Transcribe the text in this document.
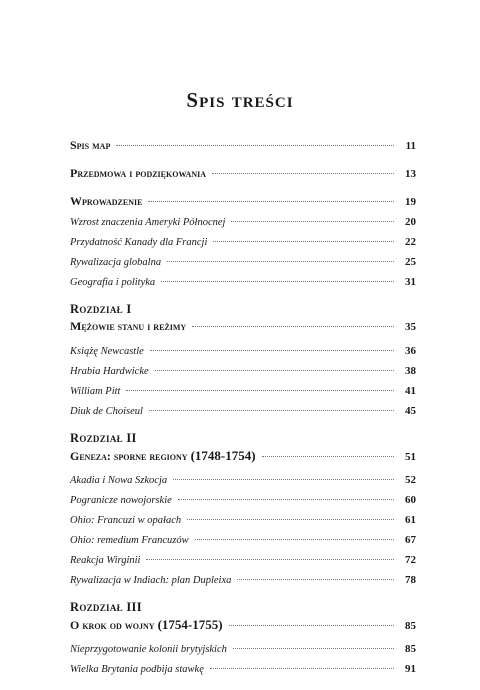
Spis treści
Spis map	11
Przedmowa i podziękowania	13
Wprowadzenie	19
Wzrost znaczenia Ameryki Północnej	20
Przydatność Kanady dla Francji	22
Rywalizacja globalna	25
Geografia i polityka	31
Rozdział I
Mężowie stanu i reżimy	35
Książę Newcastle	36
Hrabia Hardwicke	38
William Pitt	41
Diuk de Choiseul	45
Rozdział II
Geneza: sporne regiony (1748-1754)	51
Akadia i Nowa Szkocja	52
Pogranicze nowojorskie	60
Ohio: Francuzi w opałach	61
Ohio: remedium Francuzów	67
Reakcja Wirginii	72
Rywalizacja w Indiach: plan Dupleixa	78
Rozdział III
O krok od wojny (1754-1755)	85
Nieprzygotowanie kolonii brytyjskich	85
Wielka Brytania podbija stawkę	91
